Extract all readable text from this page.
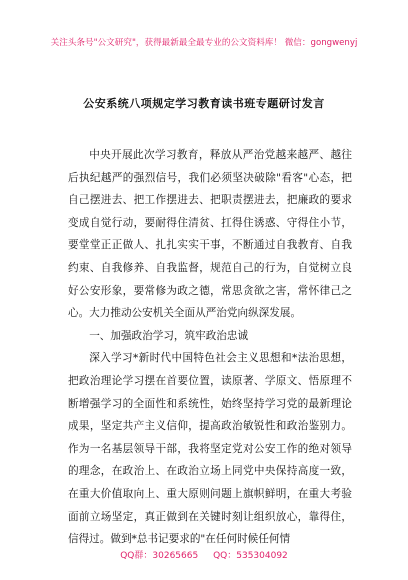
关注头条号"公文研究"，获得最新最全最专业的公文资料库！ 微信：gongwenyj
公安系统八项规定学习教育读书班专题研讨发言

中央开展此次学习教育，释放从严治党越来越严、越往后执纪越严的强烈信号，我们必须坚决破除"看客"心态，把自己摆进去、把工作摆进去、把职责摆进去，把廉政的要求变成自觉行动，要耐得住清贫、扛得住诱惑、守得住小节，要堂堂正正做人、扎扎实实干事，不断通过自我教育、自我约束、自我修养、自我监督，规范自己的行为，自觉树立良好公安形象，要常修为政之德，常思贪欲之害，常怀律己之心。大力推动公安机关全面从严治党向纵深发展。

一、加强政治学习，筑牢政治忠诚

深入学习*新时代中国特色社会主义思想和*法治思想，把政治理论学习摆在首要位置，读原著、学原文、悟原理不断增强学习的全面性和系统性，始终坚持学习党的最新理论成果，坚定共产主义信仰，提高政治敏锐性和政治鉴别力。作为一名基层领导干部，我将坚定党对公安工作的绝对领导的理念，在政治上、在政治立场上同党中央保持高度一致，在重大价值取向上、重大原则问题上旗帜鲜明，在重大考验面前立场坚定，真正做到在关键时刻让组织放心，靠得住，信得过。做到*总书记要求的"在任何时候任何情

QQ群：30265665 QQ：535304092
